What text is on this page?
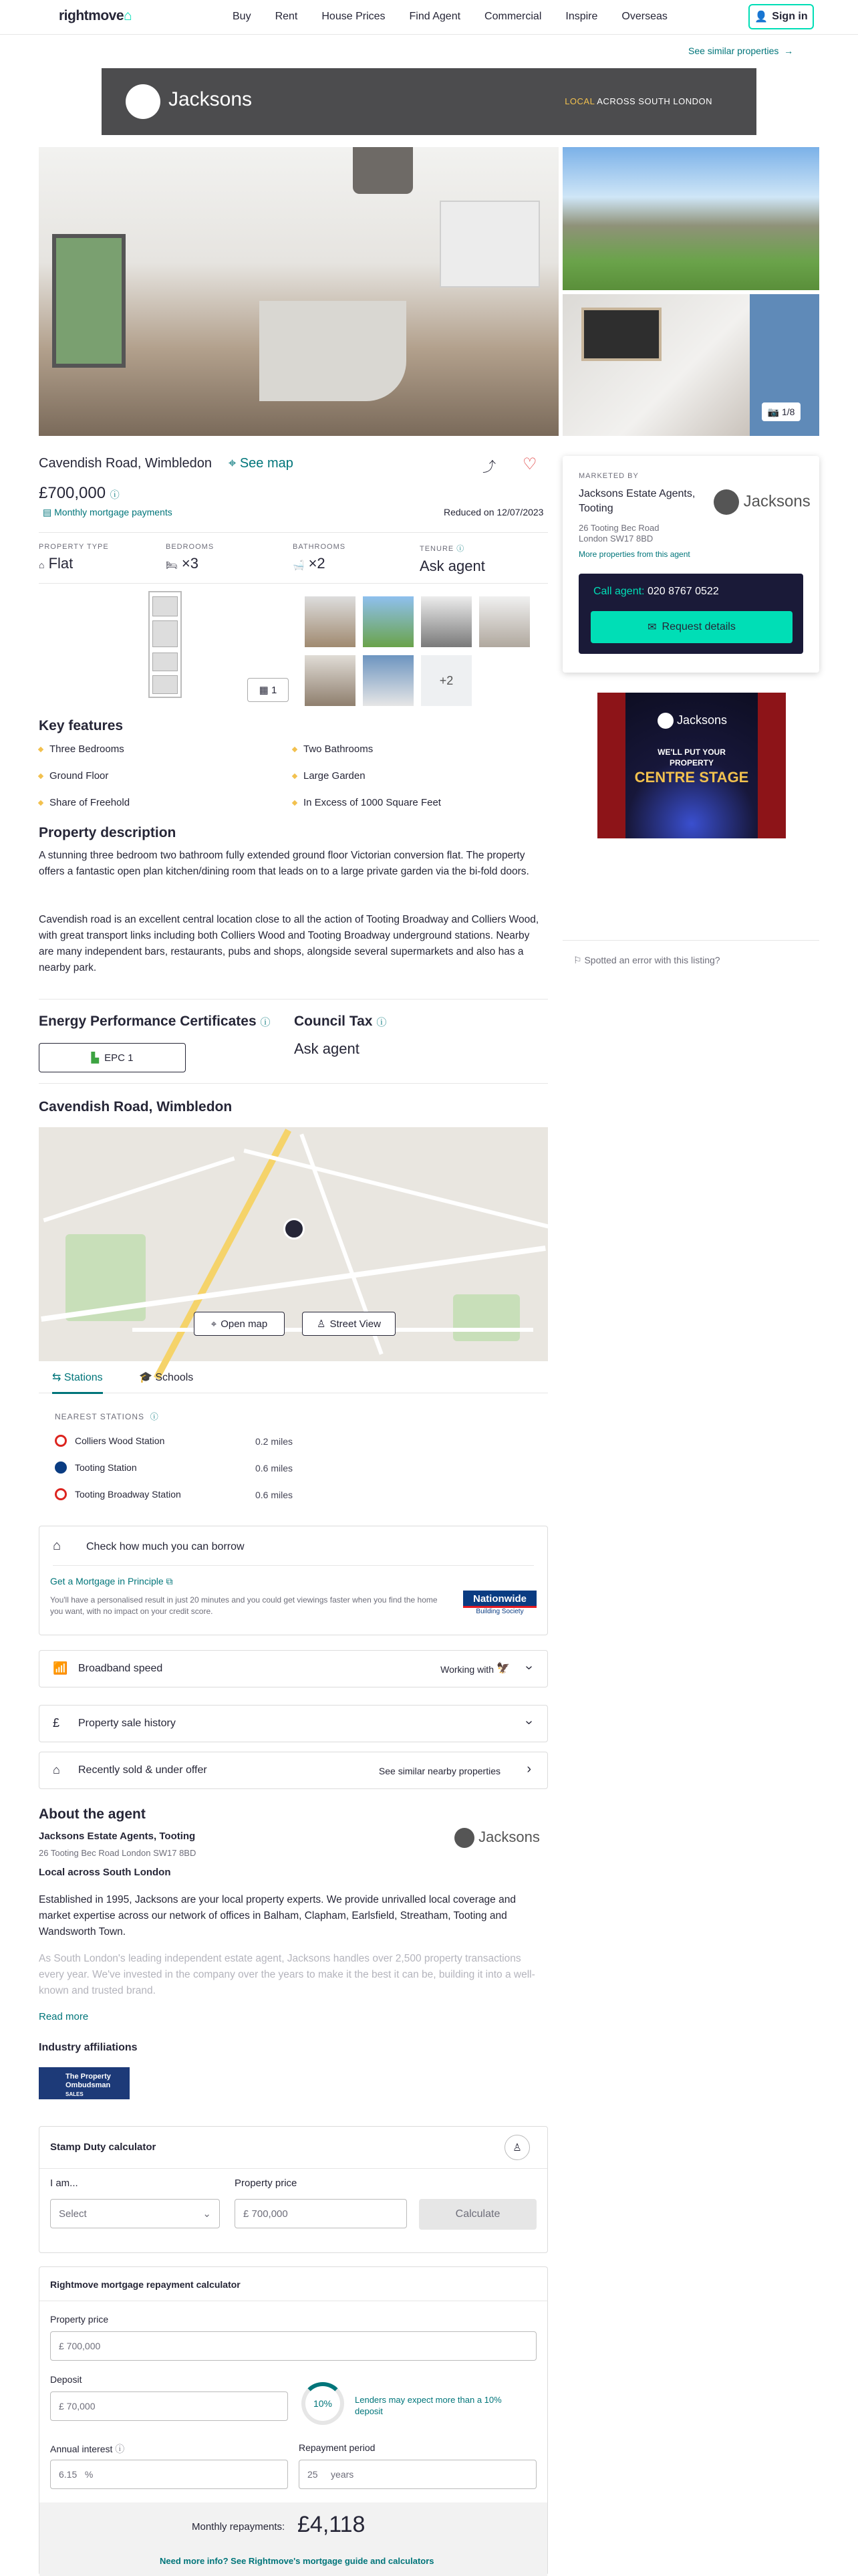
rightmove⌂	Buy Rent House Prices Find Agent Commercial Inspire Overseas	👤 Sign in
See similar properties  →
Jacksons	LOCAL ACROSS SOUTH LONDON
📷 1/8
Cavendish Road, Wimbledon ⌖ See map	⤴ ♡
£700,000 ⓘ
▤ Monthly mortgage payments	Reduced on 12/07/2023
PROPERTY TYPE
⌂ Flat
BEDROOMS
🛏 ×3
BATHROOMS
🛁 ×2
TENURE ⓘ
Ask agent
▦
1
+2
Key features
Three Bedrooms	Two Bathrooms
Ground Floor	Large Garden
Share of Freehold	In Excess of 1000 Square Feet
Property description
A stunning three bedroom two bathroom fully extended ground floor Victorian conversion flat. The property offers a fantastic open plan kitchen/dining room that leads on to a large private garden via the bi-fold doors.
Cavendish road is an excellent central location close to all the action of Tooting Broadway and Colliers Wood, with great transport links including both Colliers Wood and Tooting Broadway underground stations. Nearby are many independent bars, restaurants, pubs and shops, alongside several supermarkets and also has a nearby park.
Energy Performance Certificates ⓘ
▙ EPC 1
Council Tax ⓘ
Ask agent
Cavendish Road, Wimbledon
⌖ Open map	♙ Street View
⇆ Stations	🎓 Schools
NEAREST STATIONS ⓘ
Colliers Wood Station	0.2 miles
Tooting Station	0.6 miles
Tooting Broadway Station	0.6 miles
⌂ Check how much you can borrow
Get a Mortgage in Principle ⧉
You'll have a personalised result in just 20 minutes and you could get viewings faster when you find the home you want, with no impact on your credit score.
Nationwide
Building Society
📶 Broadband speed	Working with 🦅 ›
£ Property sale history	›
⌂ Recently sold & under offer	See similar nearby properties ›
About the agent
Jacksons Estate Agents, Tooting
26 Tooting Bec Road London SW17 8BD
Jacksons
Local across South London
Established in 1995, Jacksons are your local property experts. We provide unrivalled local coverage and market expertise across our network of offices in Balham, Clapham, Earlsfield, Streatham, Tooting and Wandsworth Town.
As South London's leading independent estate agent, Jacksons handles over 2,500 property transactions every year. We've invested in the company over the years to make it the best it can be, building it into a well-known and trusted brand.
Read more
Industry affiliations
The Property Ombudsman
SALES
Stamp Duty calculator	♙
I am...
Select	⌄
Property price
£ 700,000	Calculate
Rightmove mortgage repayment calculator
Property price
£ 700,000
Deposit
£ 70,000	10%	Lenders may expect more than a 10% deposit
Annual interest ⓘ
6.15
%
Repayment period
25
years
Monthly repayments: £4,118
Need more info? See Rightmove's mortgage guide and calculators
MARKETED BY
Jacksons Estate Agents, Tooting
26 Tooting Bec Road
London SW17 8BD
More properties from this agent
Jacksons
Call agent: 020 8767 0522
✉ Request details
Jacksons
WE'LL PUT YOUR
PROPERTY
CENTRE STAGE
⚐ Spotted an error with this listing?
